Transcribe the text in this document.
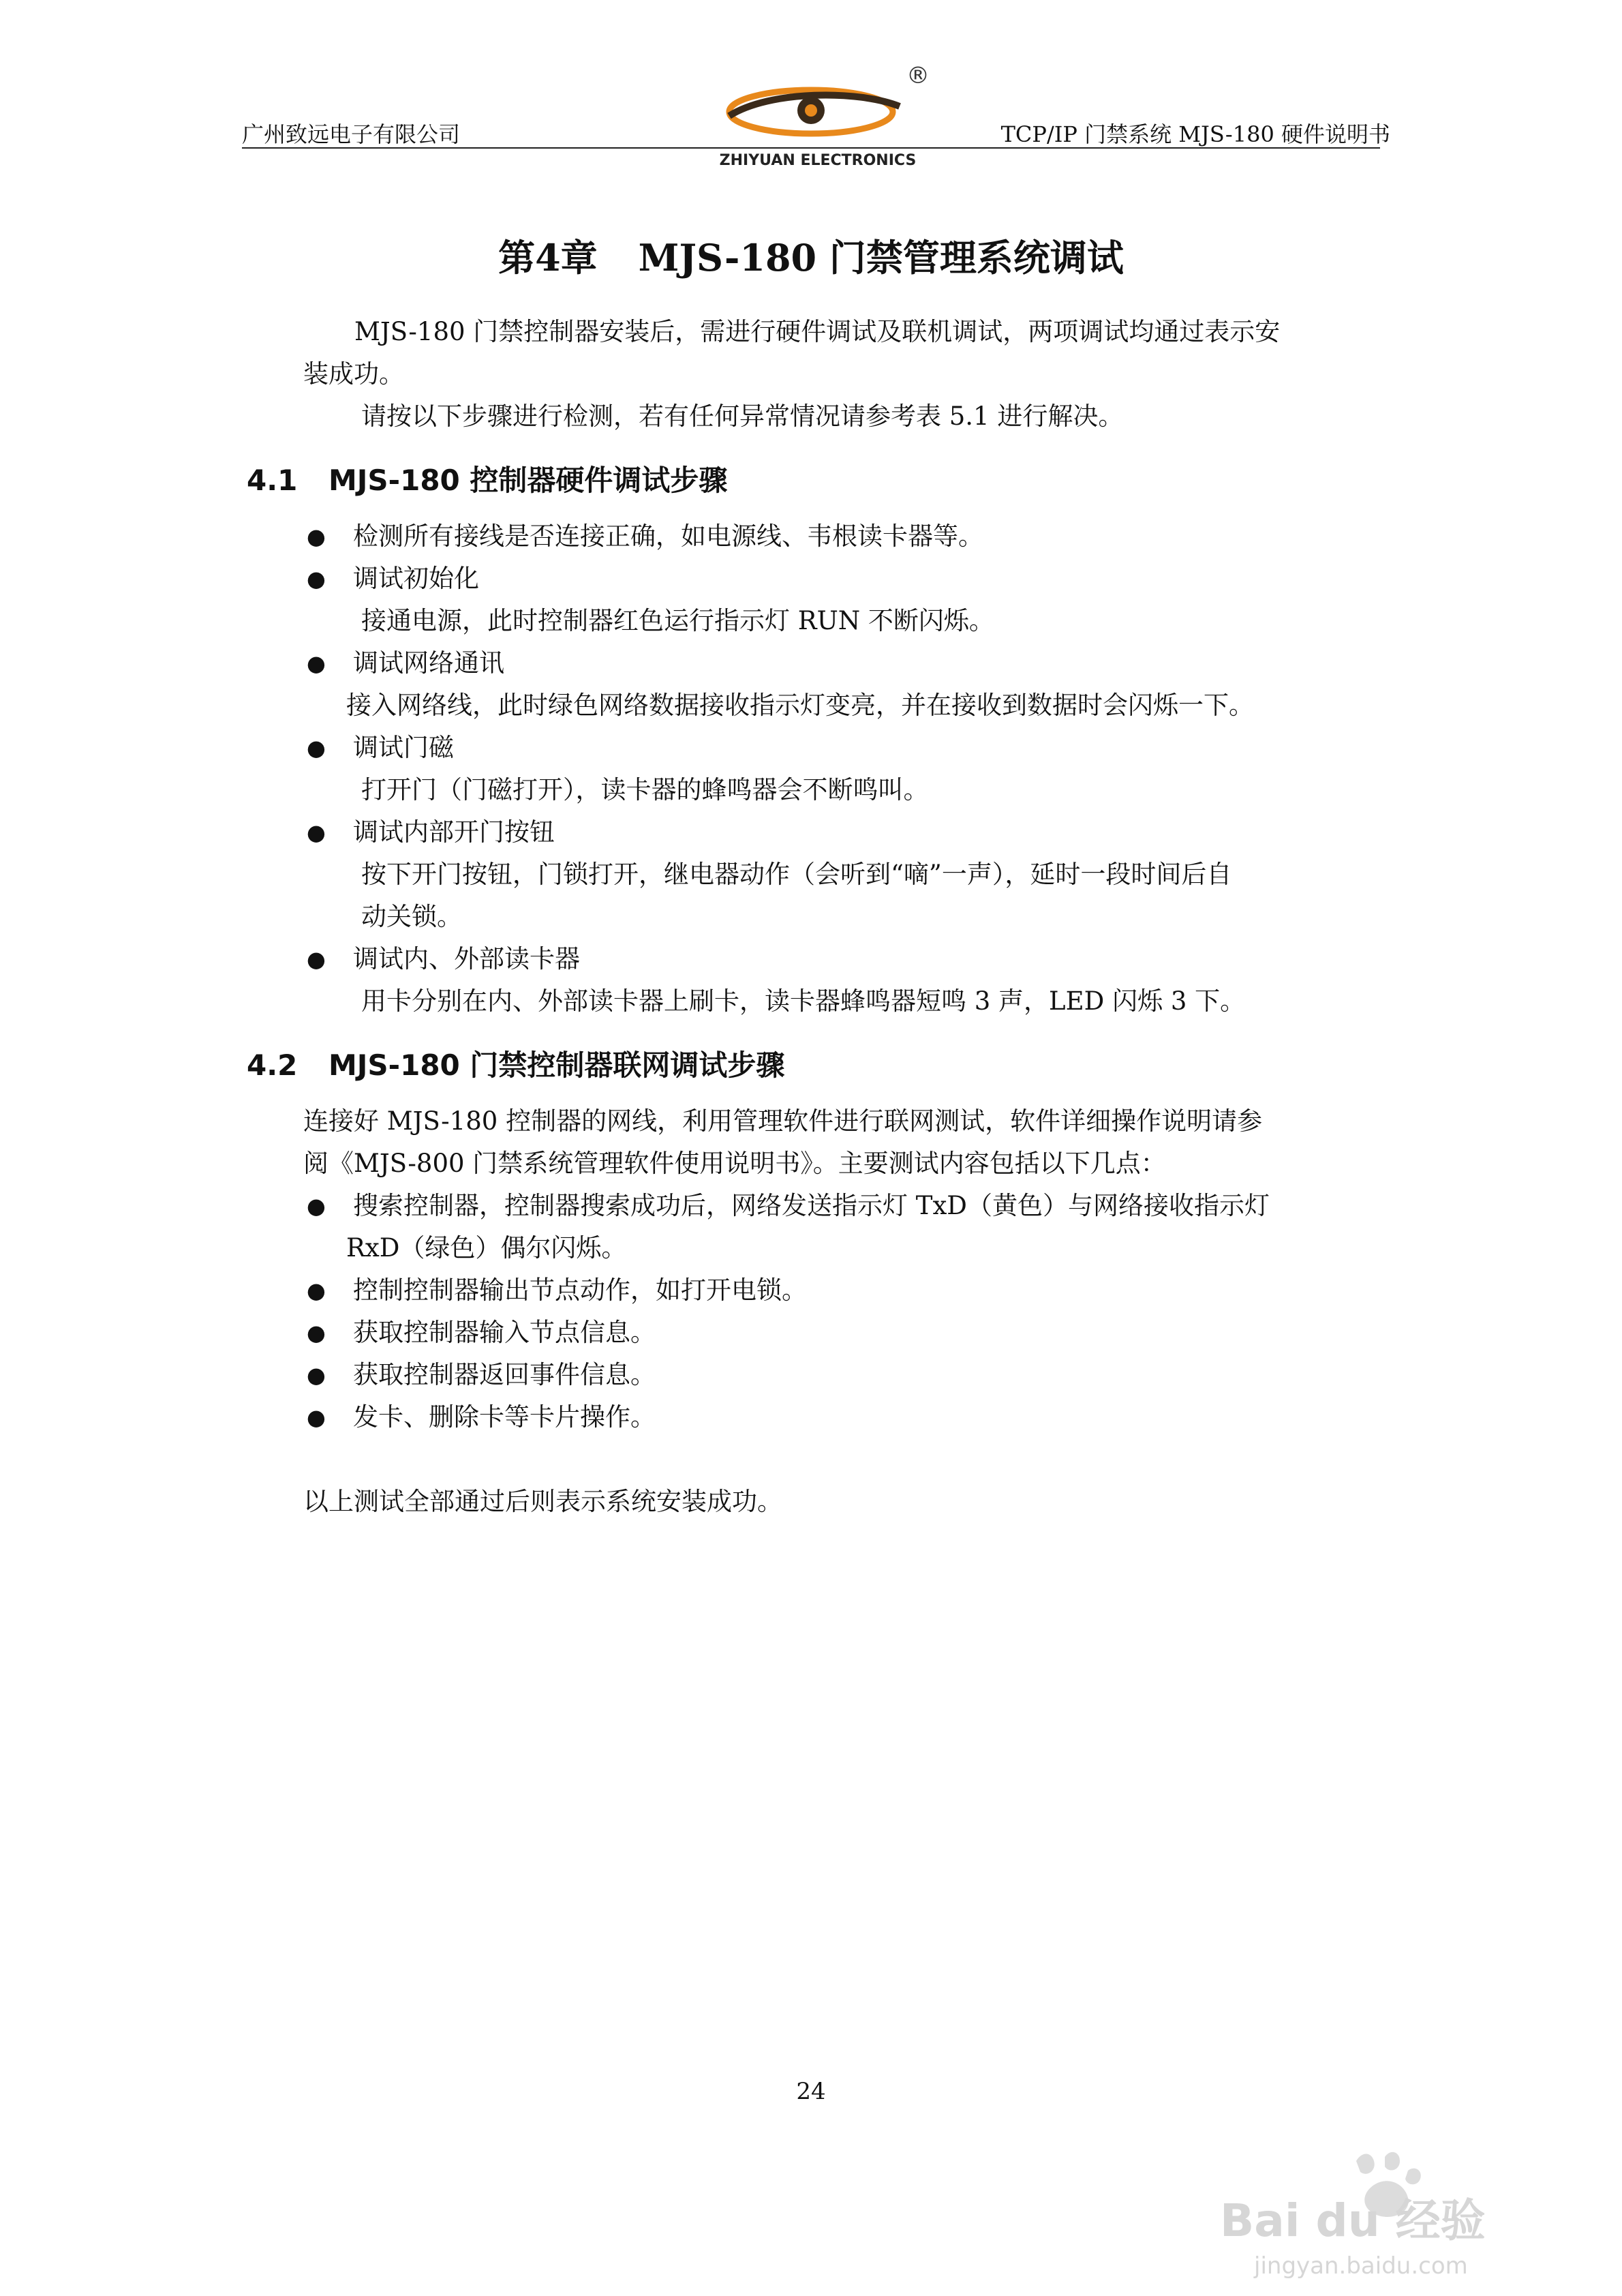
广州致远电子有限公司	TCP/IP 门禁系统 MJS-180 硬件说明书
®
ZHIYUAN ELECTRONICS
第4章 MJS-180 门禁管理系统调试
MJS-180 门禁控制器安装后，需进行硬件调试及联机调试，两项调试均通过表示安
装成功。
请按以下步骤进行检测，若有任何异常情况请参考表 5.1 进行解决。
4.1 MJS-180 控制器硬件调试步骤
● 检测所有接线是否连接正确，如电源线、韦根读卡器等。
● 调试初始化
接通电源，此时控制器红色运行指示灯 RUN 不断闪烁。
● 调试网络通讯
接入网络线，此时绿色网络数据接收指示灯变亮，并在接收到数据时会闪烁一下。
● 调试门磁
打开门（门磁打开），读卡器的蜂鸣器会不断鸣叫。
● 调试内部开门按钮
按下开门按钮，门锁打开，继电器动作（会听到“嘀”一声），延时一段时间后自
动关锁。
● 调试内、外部读卡器
用卡分别在内、外部读卡器上刷卡，读卡器蜂鸣器短鸣 3 声，LED 闪烁 3 下。
4.2 MJS-180 门禁控制器联网调试步骤
连接好 MJS-180 控制器的网线，利用管理软件进行联网测试，软件详细操作说明请参
阅《MJS-800 门禁系统管理软件使用说明书》。主要测试内容包括以下几点：
● 搜索控制器，控制器搜索成功后，网络发送指示灯 TxD（黄色）与网络接收指示灯
RxD（绿色）偶尔闪烁。
● 控制控制器输出节点动作，如打开电锁。
● 获取控制器输入节点信息。
● 获取控制器返回事件信息。
● 发卡、删除卡等卡片操作。
以上测试全部通过后则表示系统安装成功。
24
Bai du 经验
jingyan.baidu.com
